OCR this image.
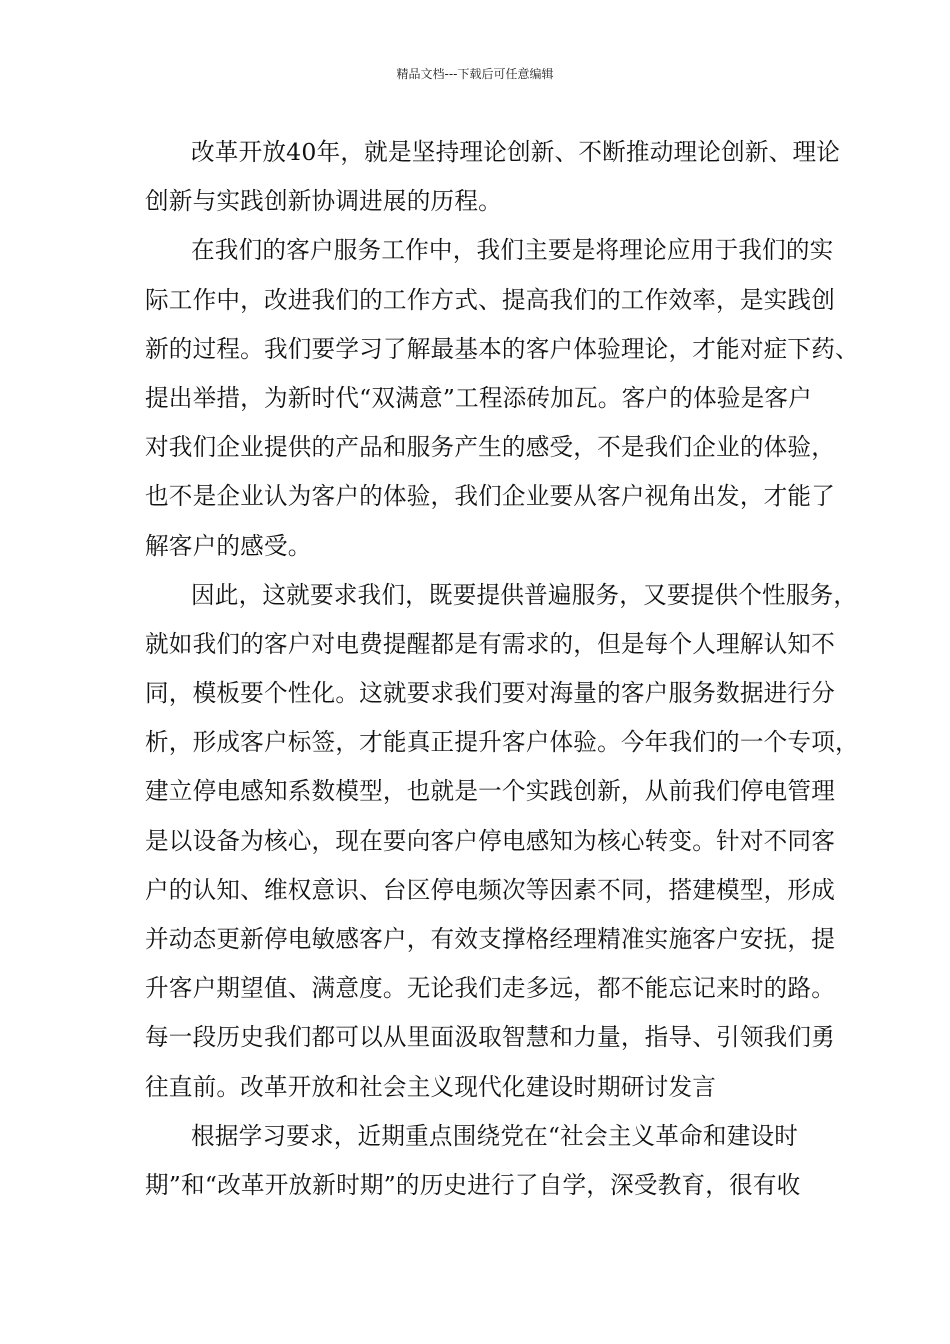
精品文档---下载后可任意编辑
改革开放40年，就是坚持理论创新、不断推动理论创新、理论
创新与实践创新协调进展的历程。
在我们的客户服务工作中，我们主要是将理论应用于我们的实
际工作中，改进我们的工作方式、提高我们的工作效率，是实践创
新的过程。我们要学习了解最基本的客户体验理论，才能对症下药、
提出举措，为新时代“双满意”工程添砖加瓦。客户的体验是客户
对我们企业提供的产品和服务产生的感受，不是我们企业的体验，
也不是企业认为客户的体验，我们企业要从客户视角出发，才能了
解客户的感受。
因此，这就要求我们，既要提供普遍服务，又要提供个性服务，
就如我们的客户对电费提醒都是有需求的，但是每个人理解认知不
同，模板要个性化。这就要求我们要对海量的客户服务数据进行分
析，形成客户标签，才能真正提升客户体验。今年我们的一个专项，
建立停电感知系数模型，也就是一个实践创新，从前我们停电管理
是以设备为核心，现在要向客户停电感知为核心转变。针对不同客
户的认知、维权意识、台区停电频次等因素不同，搭建模型，形成
并动态更新停电敏感客户，有效支撑格经理精准实施客户安抚，提
升客户期望值、满意度。无论我们走多远，都不能忘记来时的路。
每一段历史我们都可以从里面汲取智慧和力量，指导、引领我们勇
往直前。改革开放和社会主义现代化建设时期研讨发言
根据学习要求，近期重点围绕党在“社会主义革命和建设时
期”和“改革开放新时期”的历史进行了自学，深受教育，很有收
